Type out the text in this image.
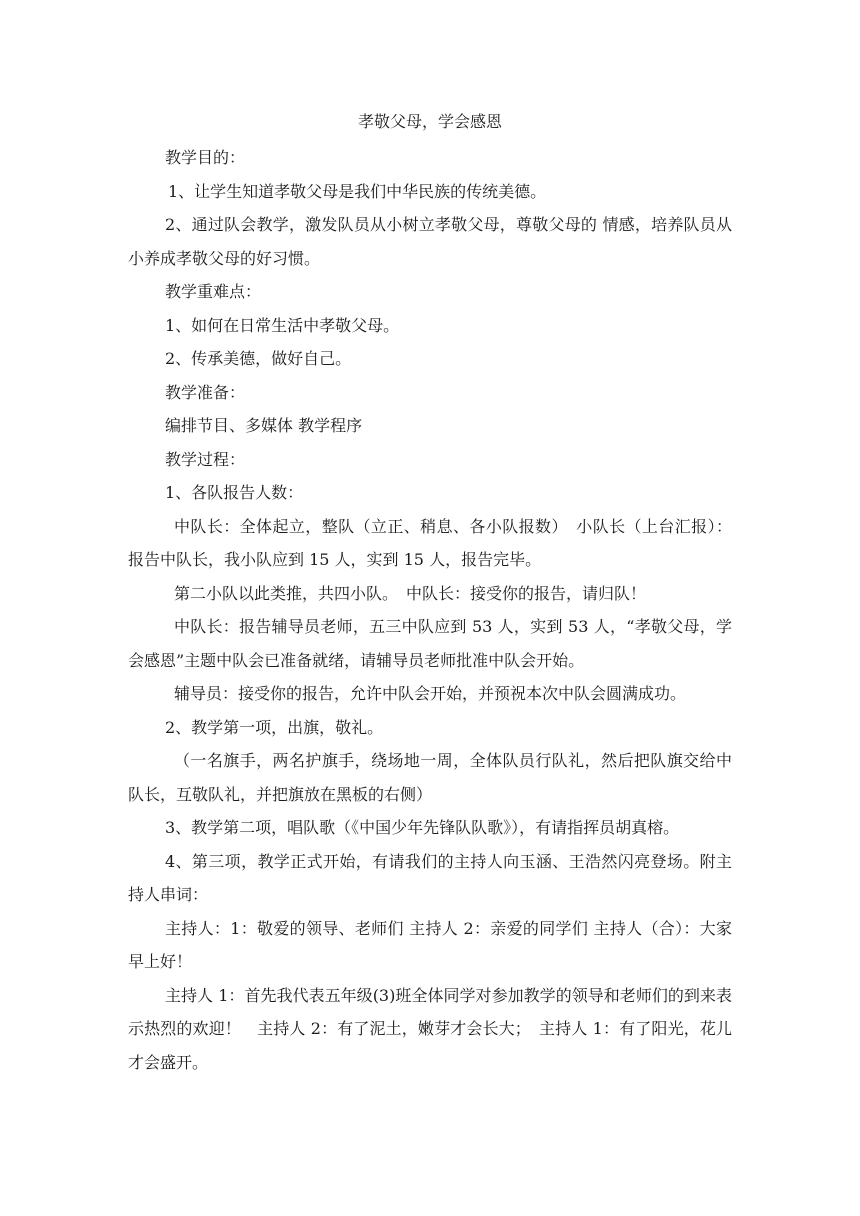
孝敬父母，学会感恩

教学目的：

1、让学生知道孝敬父母是我们中华民族的传统美德。

2、通过队会教学，激发队员从小树立孝敬父母，尊敬父母的 情感，培养队员从小养成孝敬父母的好习惯。

教学重难点：

1、如何在日常生活中孝敬父母。

2、传承美德，做好自己。

教学准备：

编排节目、多媒体 教学程序

教学过程：

1、各队报告人数：

中队长：全体起立，整队（立正、稍息、各小队报数）　小队长（上台汇报）：报告中队长，我小队应到 15 人，实到 15 人，报告完毕。

第二小队以此类推，共四小队。　中队长：接受你的报告，请归队！

中队长：报告辅导员老师，五三中队应到 53 人，实到 53 人，“孝敬父母，学会感恩”主题中队会已准备就绪，请辅导员老师批准中队会开始。

辅导员：接受你的报告，允许中队会开始，并预祝本次中队会圆满成功。

2、教学第一项，出旗，敬礼。

（一名旗手，两名护旗手，绕场地一周，全体队员行队礼，然后把队旗交给中队长，互敬队礼，并把旗放在黑板的右侧）

3、教学第二项，唱队歌（《中国少年先锋队队歌》），有请指挥员胡真榕。

4、第三项，教学正式开始，有请我们的主持人向玉涵、王浩然闪亮登场。附主持人串词：

主持人：1：敬爱的领导、老师们 主持人 2：亲爱的同学们 主持人（合）：大家早上好！

主持人 1：首先我代表五年级(3)班全体同学对参加教学的领导和老师们的到来表示热烈的欢迎！　主持人 2：有了泥土，嫩芽才会长大；　主持人 1：有了阳光，花儿才会盛开。
